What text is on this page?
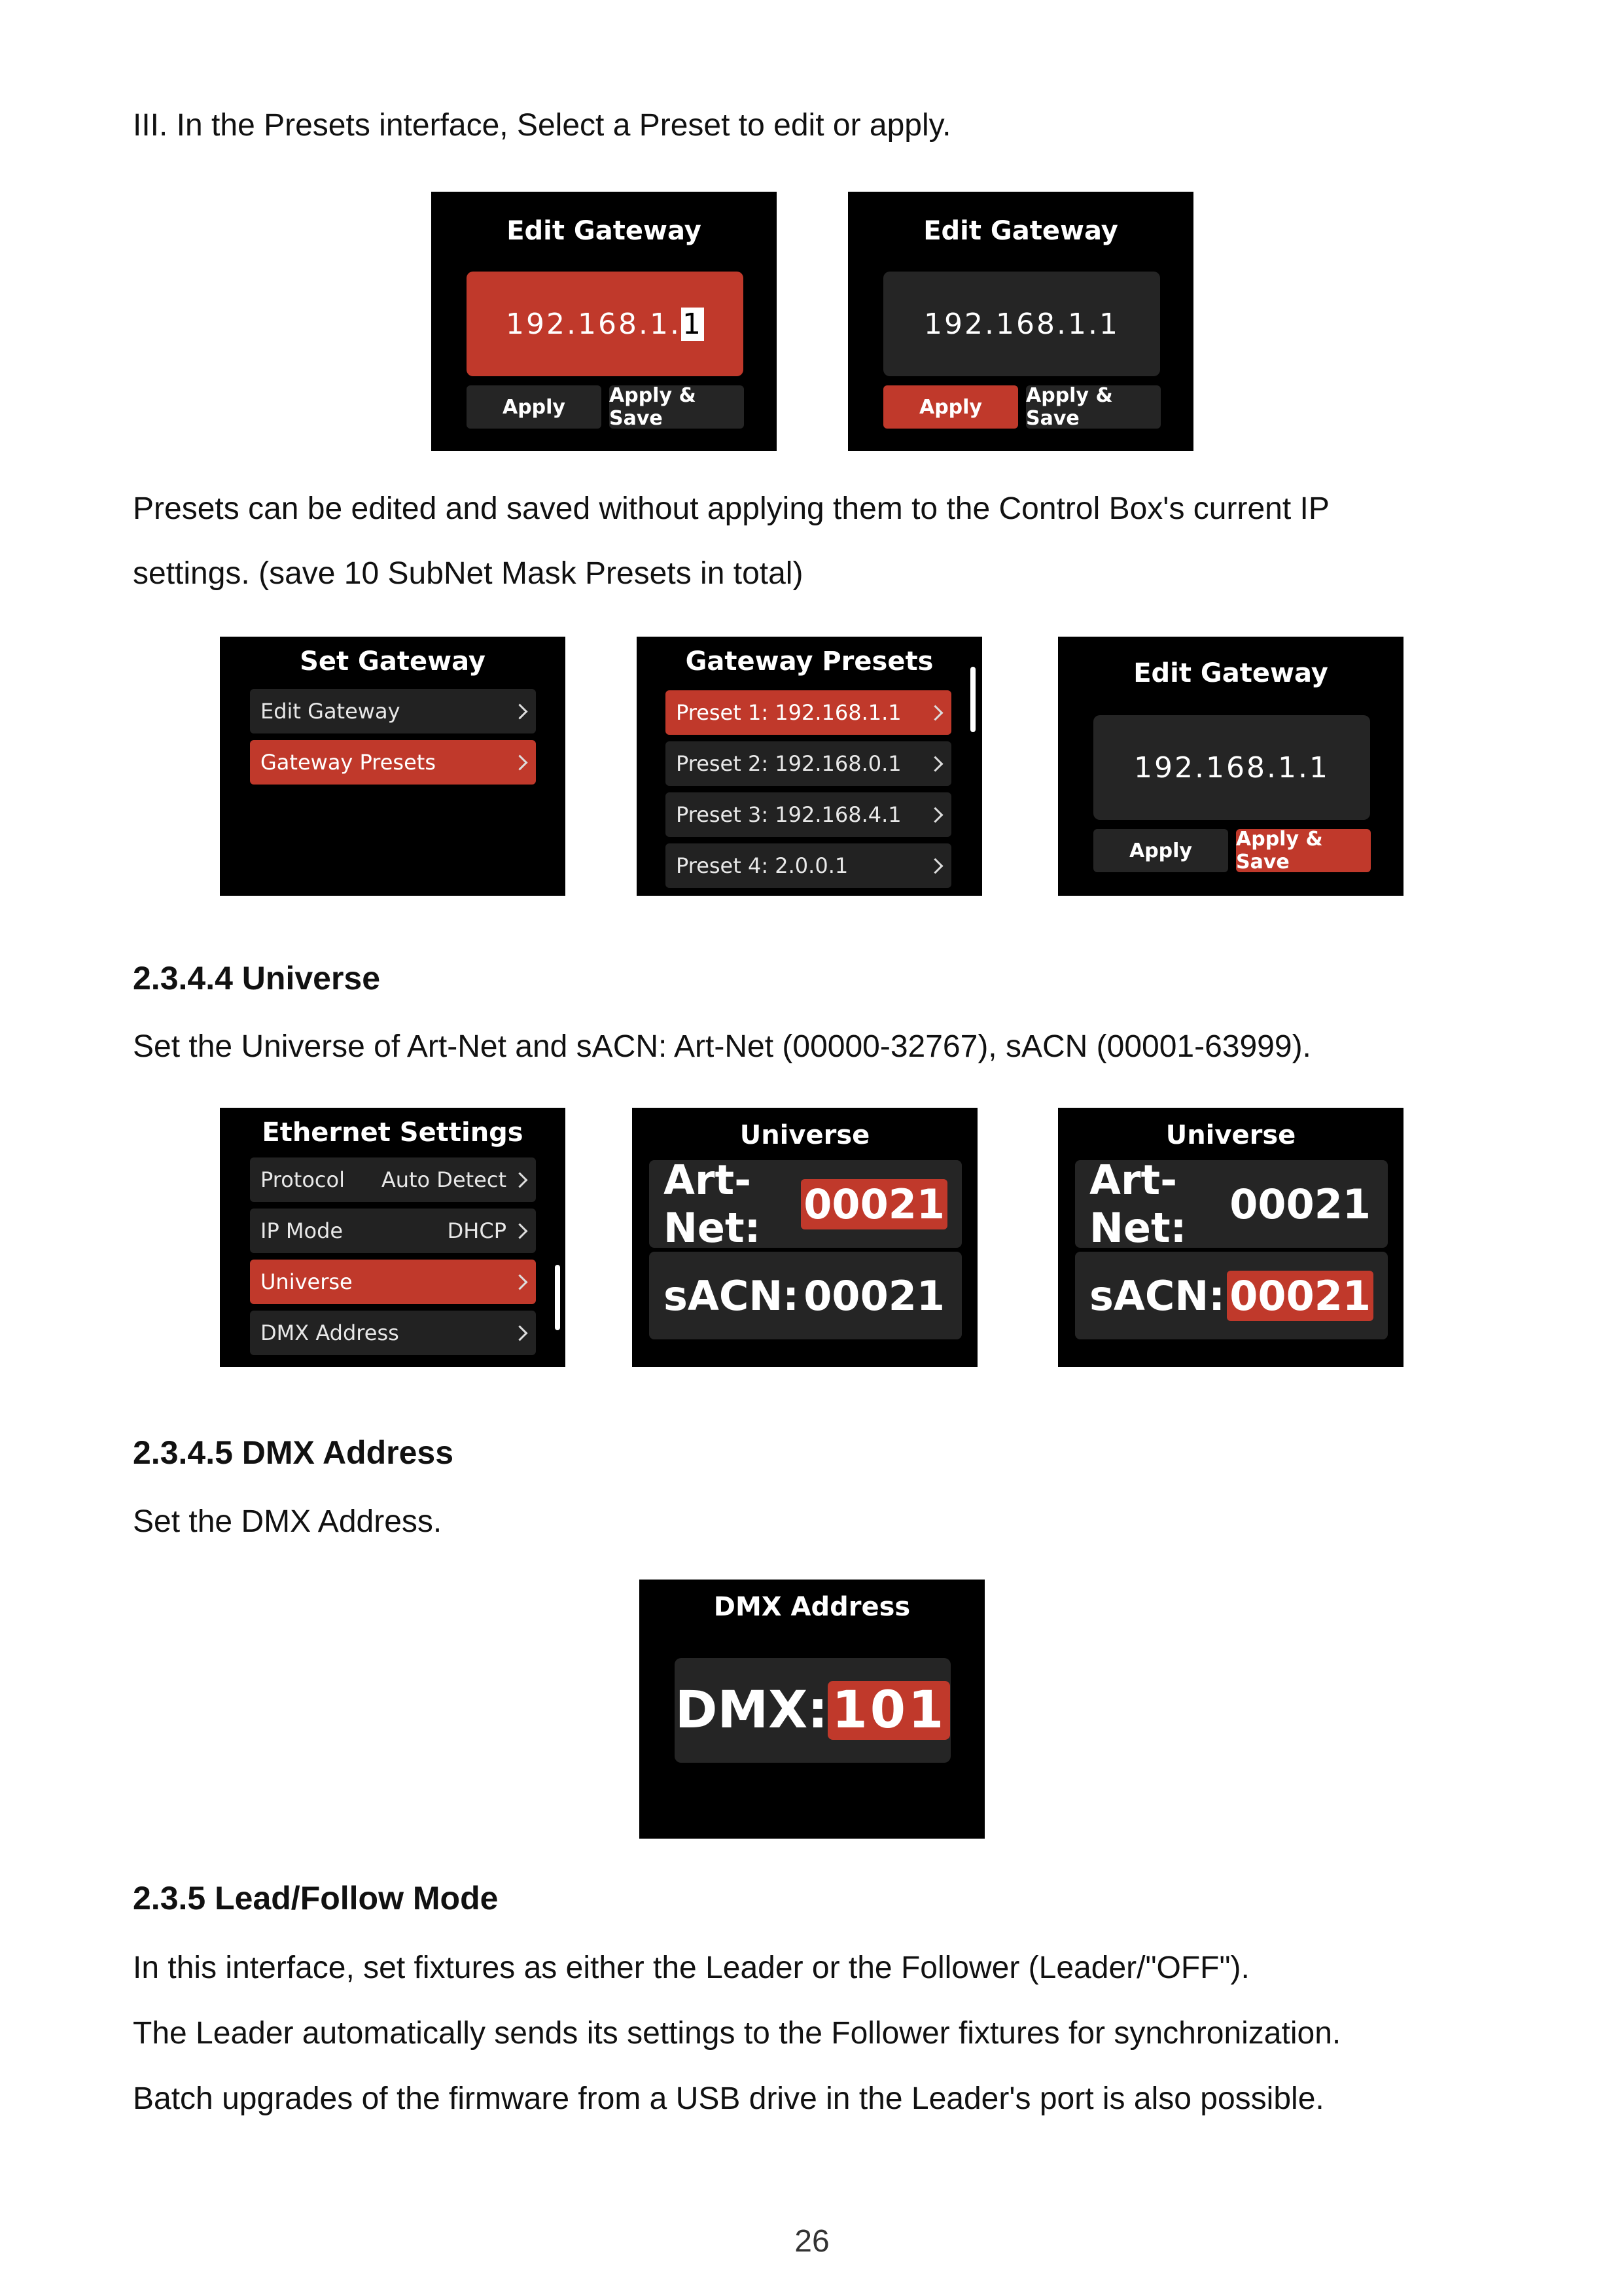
III. In the Presets interface, Select a Preset to edit or apply.
Edit Gateway
192.168.1. 1
Apply	Apply & Save
Edit Gateway
192.168.1.1
Apply	Apply & Save
Presets can be edited and saved without applying them to the Control Box's current IP
settings. (save 10 SubNet Mask Presets in total)
Set Gateway
Edit Gateway
Gateway Presets
Gateway Presets
Preset 1: 192.168.1.1
Preset 2: 192.168.0.1
Preset 3: 192.168.4.1
Preset 4: 2.0.0.1
Edit Gateway
192.168.1.1
Apply	Apply & Save
2.3.4.4 Universe
Set the Universe of Art-Net and sACN: Art-Net (00000-32767), sACN (00001-63999).
Ethernet Settings
Protocol Auto Detect
IP Mode	DHCP
Universe
DMX Address
Universe
Art-Net:	00021
sACN: 00021
Universe
Art-Net:	00021
sACN: 00021
2.3.4.5 DMX Address
Set the DMX Address.
DMX Address
DMX: 101
2.3.5 Lead/Follow Mode
In this interface, set fixtures as either the Leader or the Follower (Leader/"OFF").
The Leader automatically sends its settings to the Follower fixtures for synchronization.
Batch upgrades of the firmware from a USB drive in the Leader's port is also possible.
26
